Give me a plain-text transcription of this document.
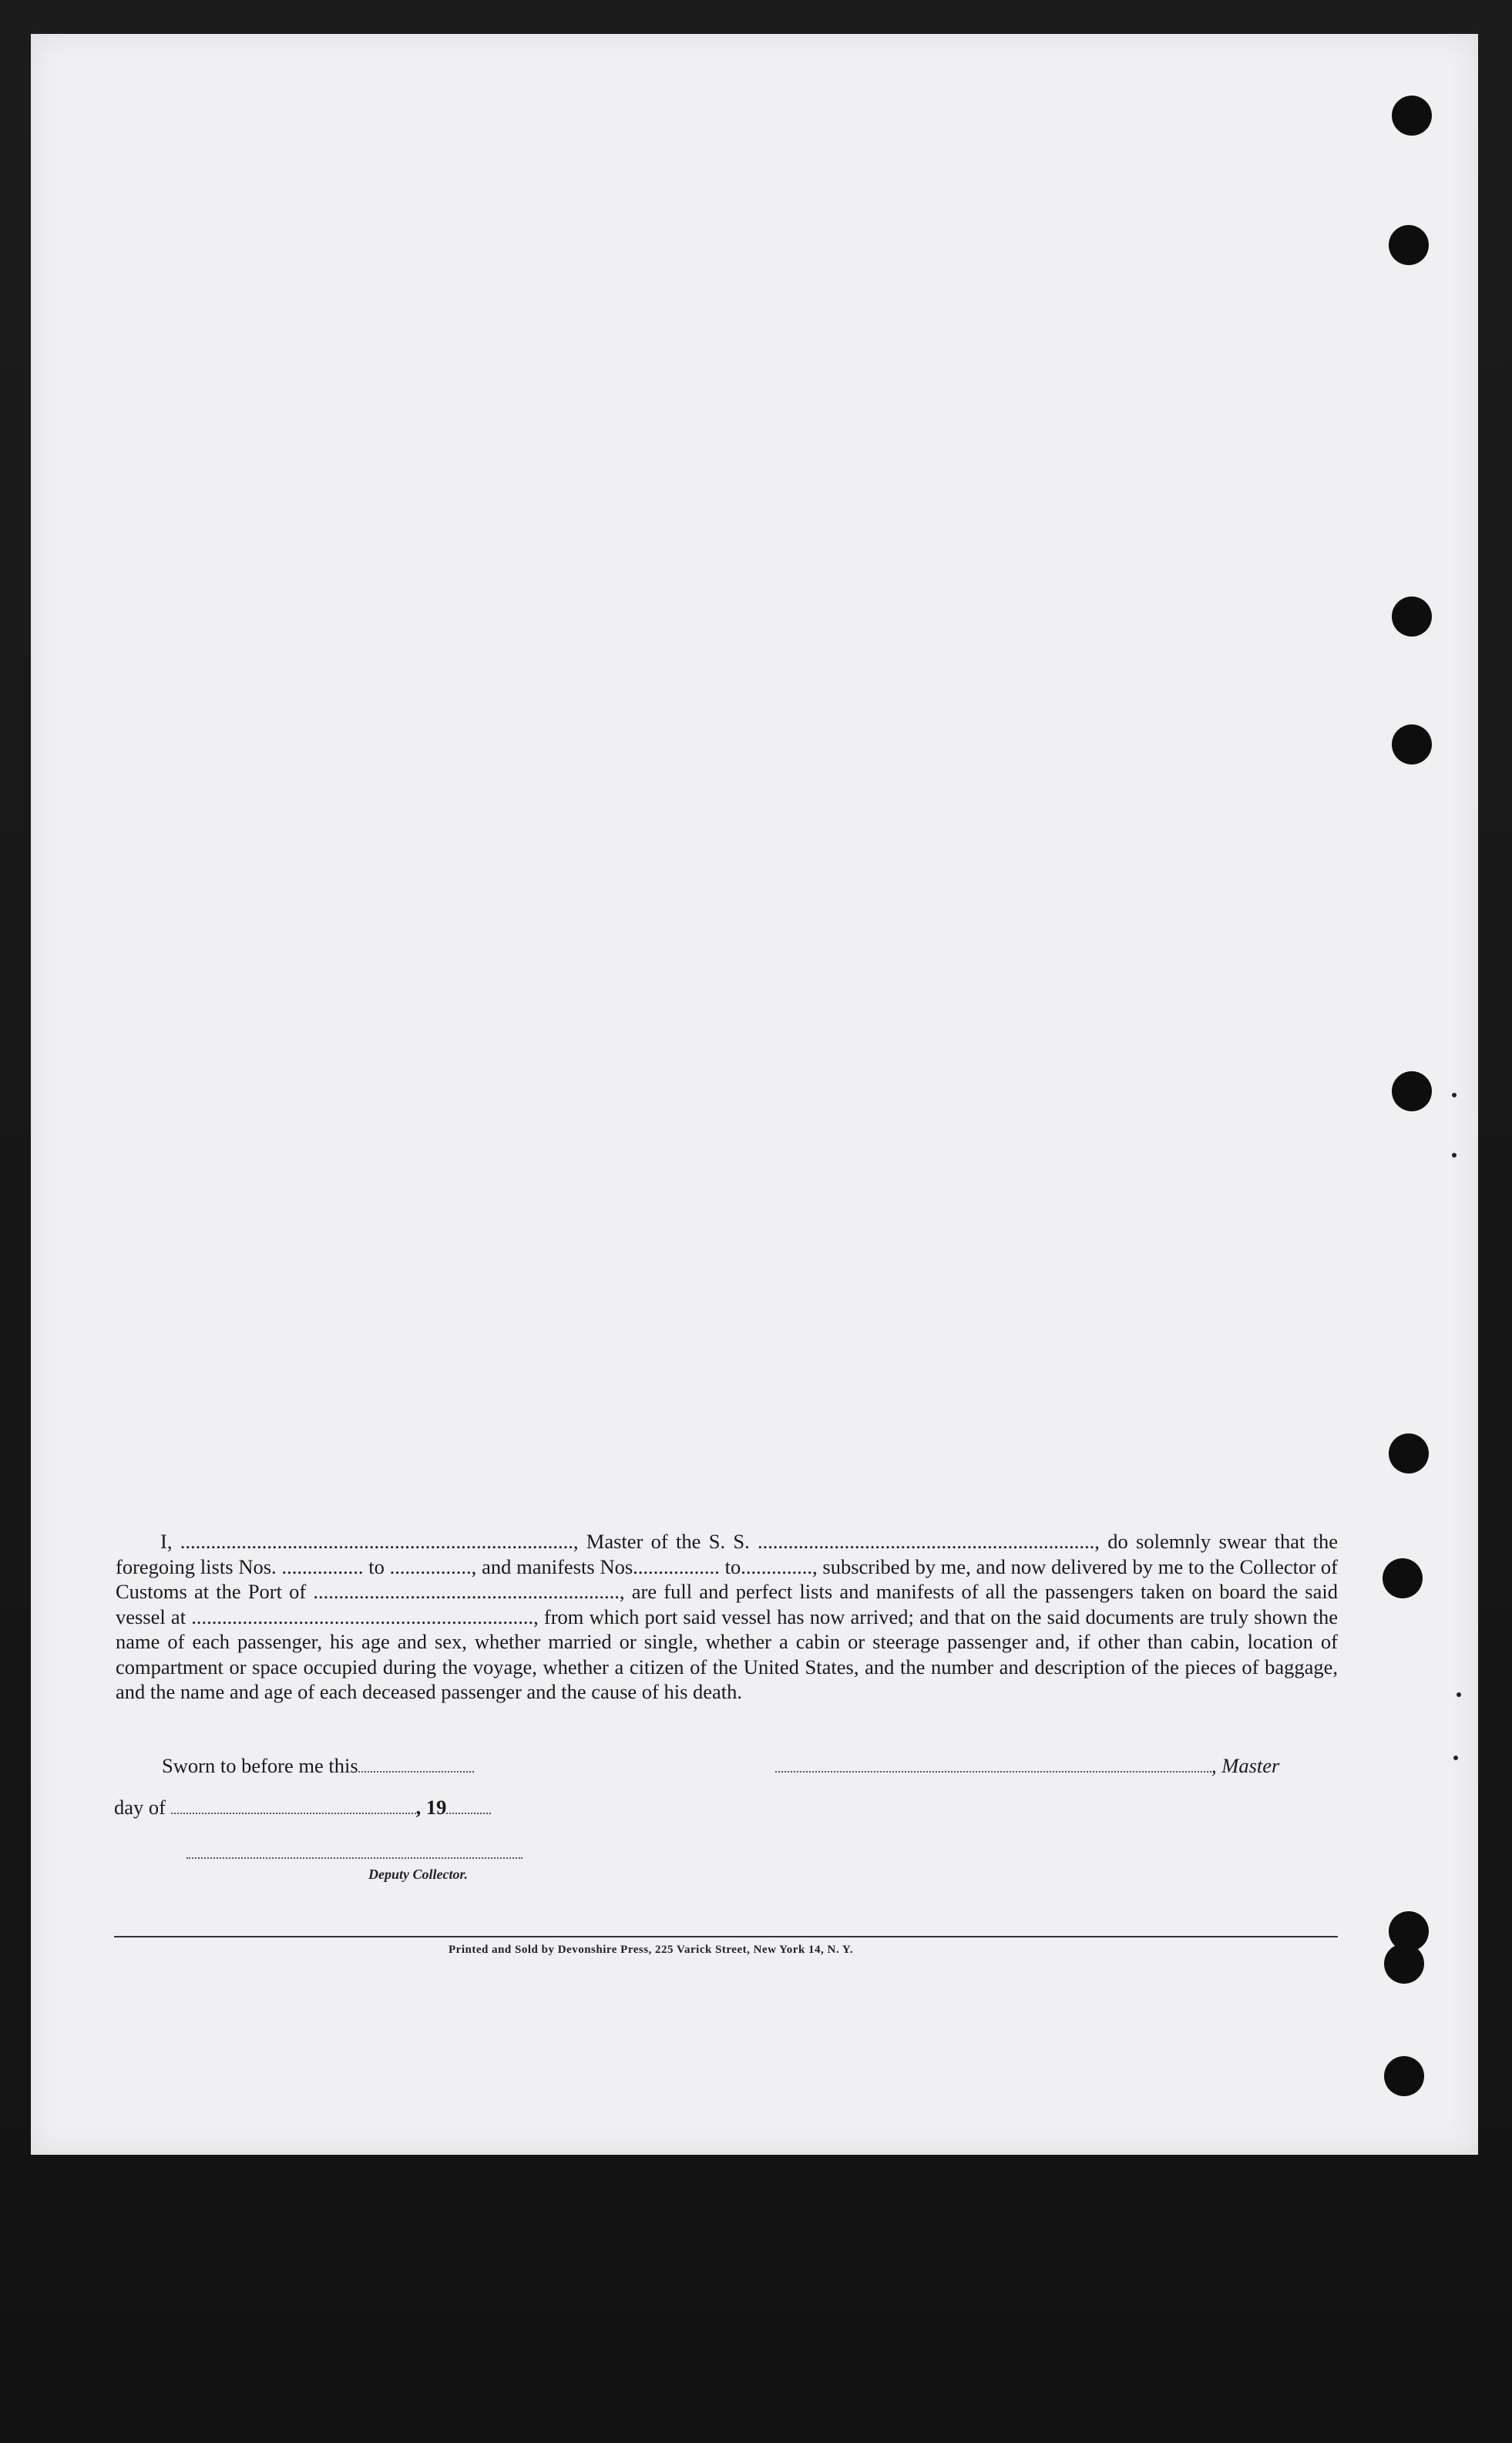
I, ............................................................................., Master of the S. S. .................................................................., do solemnly swear that the foregoing lists Nos. ................ to ................, and manifests Nos................. to.............., subscribed by me, and now delivered by me to the Collector of Customs at the Port of ............................................................, are full and perfect lists and manifests of all the passengers taken on board the said vessel at ..................................................................., from which port said vessel has now arrived; and that on the said documents are truly shown the name of each passenger, his age and sex, whether married or single, whether a cabin or steerage passenger and, if other than cabin, location of compartment or space occupied during the voyage, whether a citizen of the United States, and the number and description of the pieces of baggage, and the name and age of each deceased passenger and the cause of his death.

Sworn to before me this	, Master
day of	, 19
Deputy Collector.
Printed and Sold by Devonshire Press, 225 Varick Street, New York 14, N. Y.
